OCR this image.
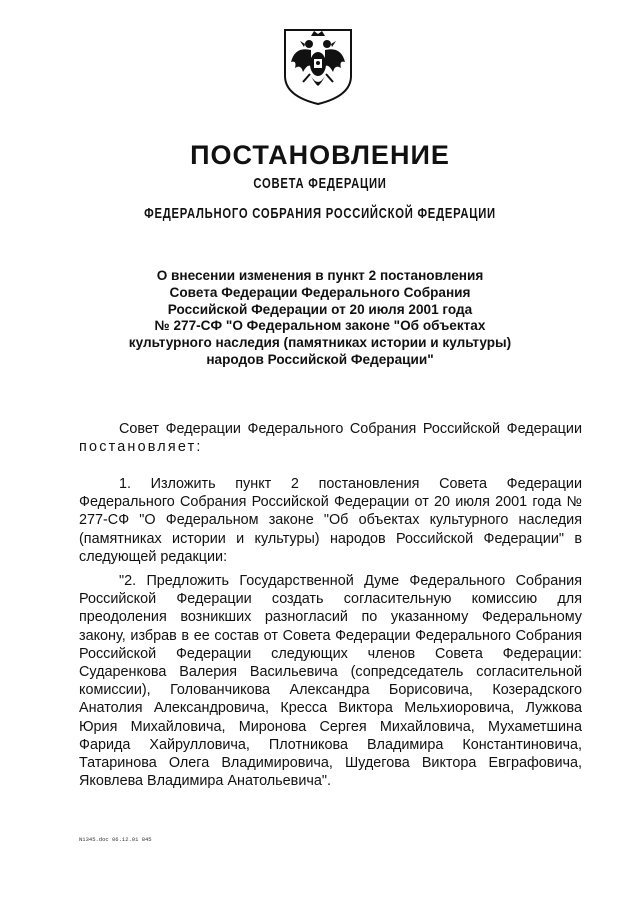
ПОСТАНОВЛЕНИЕ
СОВЕТА ФЕДЕРАЦИИ
ФЕДЕРАЛЬНОГО СОБРАНИЯ РОССИЙСКОЙ ФЕДЕРАЦИИ

О внесении изменения в пункт 2 постановления
Совета Федерации Федерального Собрания
Российской Федерации от 20 июля 2001 года
№ 277-СФ "О Федеральном законе "Об объектах
культурного наследия (памятниках истории и культуры)
народов Российской Федерации"

Совет Федерации Федерального Собрания Российской Федерации постановляет:

1. Изложить пункт 2 постановления Совета Федерации Федерального Собрания Российской Федерации от 20 июля 2001 года № 277-СФ "О Федеральном законе "Об объектах культурного наследия (памятниках истории и культуры) народов Российской Федерации" в следующей редакции:

"2. Предложить Государственной Думе Федерального Собрания Российской Федерации создать согласительную комиссию для преодоления возникших разногласий по указанному Федеральному закону, избрав в ее состав от Совета Федерации Федерального Собрания Российской Федерации следующих членов Совета Федерации: Сударенкова Валерия Васильевича (сопредседатель согласительной комиссии), Голованчикова Александра Борисовича, Козерадского Анатолия Александровича, Кресса Виктора Мельхиоровича, Лужкова Юрия Михайловича, Миронова Сергея Михайловича, Мухаметшина Фарида Хайрулловича, Плотникова Владимира Константиновича, Татаринова Олега Владимировича, Шудегова Виктора Евграфовича, Яковлева Владимира Анатольевича".

N1345.doc 06.12.01 845
